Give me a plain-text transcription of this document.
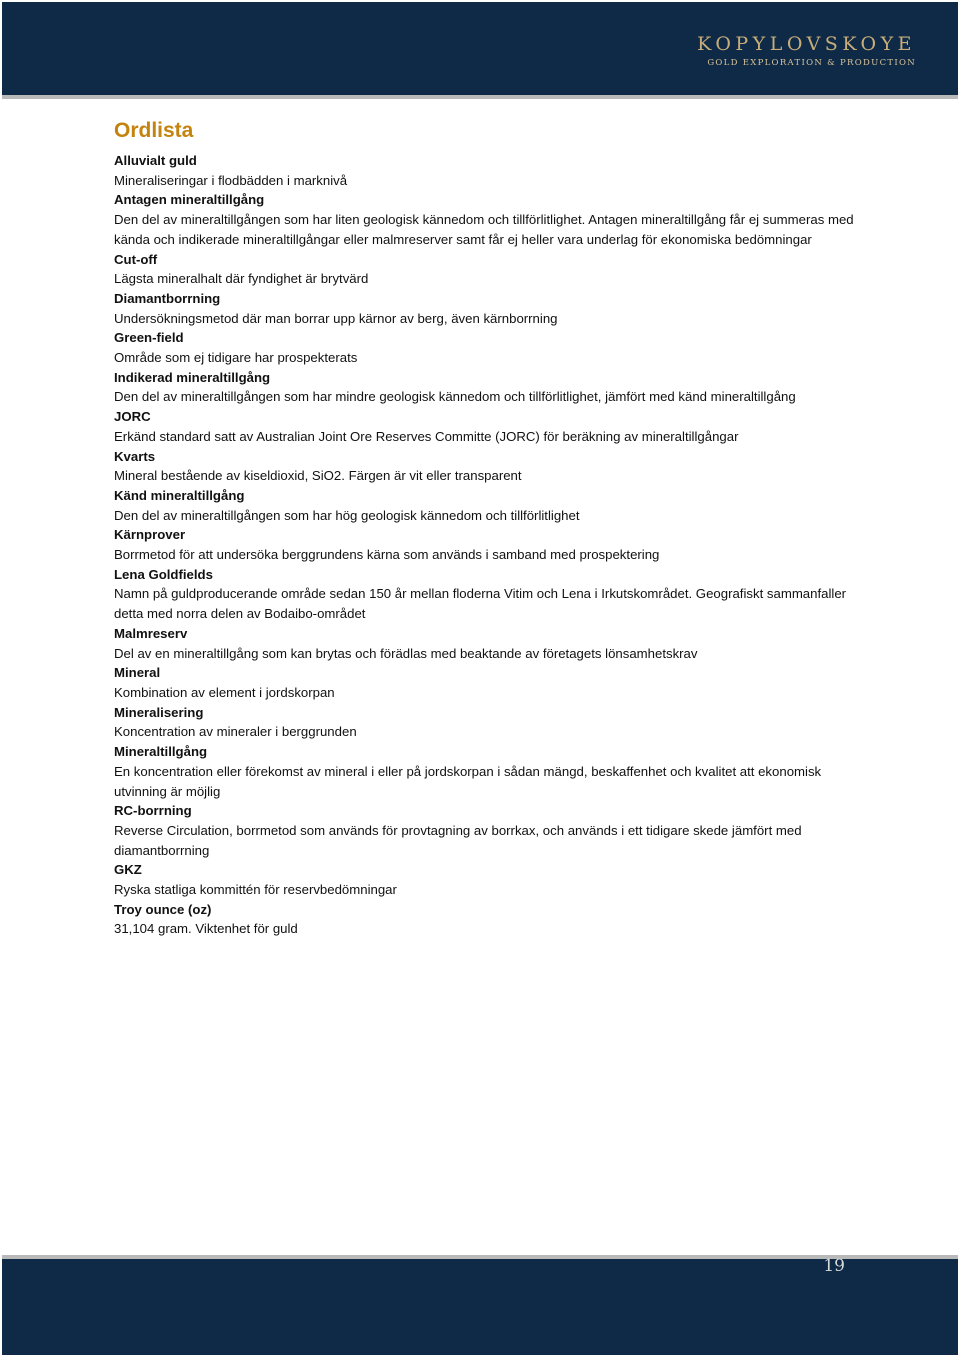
KOPYLOVSKOYE
GOLD EXPLORATION & PRODUCTION
Ordlista
Alluvialt guld
Mineraliseringar i flodbädden i marknivå
Antagen mineraltillgång
Den del av mineraltillgången som har liten geologisk kännedom och tillförlitlighet. Antagen mineraltillgång får ej summeras med kända och indikerade mineraltillgångar eller malmreserver samt får ej heller vara underlag för ekonomiska bedömningar
Cut-off
Lägsta mineralhalt där fyndighet är brytvärd
Diamantborrning
Undersökningsmetod där man borrar upp kärnor av berg, även kärnborrning
Green-field
Område som ej tidigare har prospekterats
Indikerad mineraltillgång
Den del av mineraltillgången som har mindre geologisk kännedom och tillförlitlighet, jämfört med känd mineraltillgång
JORC
Erkänd standard satt av Australian Joint Ore Reserves Committe (JORC) för beräkning av mineraltillgångar
Kvarts
Mineral bestående av kiseldioxid, SiO2. Färgen är vit eller transparent
Känd mineraltillgång
Den del av mineraltillgången som har hög geologisk kännedom och tillförlitlighet
Kärnprover
Borrmetod för att undersöka berggrundens kärna som används i samband med prospektering
Lena Goldfields
Namn på guldproducerande område sedan 150 år mellan floderna Vitim och Lena i Irkutskområdet. Geografiskt sammanfaller detta med norra delen av Bodaibo-området
Malmreserv
Del av en mineraltillgång som kan brytas och förädlas med beaktande av företagets lönsamhetskrav
Mineral
Kombination av element i jordskorpan
Mineralisering
Koncentration av mineraler i berggrunden
Mineraltillgång
En koncentration eller förekomst av mineral i eller på jordskorpan i sådan mängd, beskaffenhet och kvalitet att ekonomisk utvinning är möjlig
RC-borrning
Reverse Circulation, borrmetod som används för provtagning av borrkax, och används i ett tidigare skede jämfört med diamantborrning
GKZ
Ryska statliga kommittén för reservbedömningar
Troy ounce (oz)
31,104 gram. Viktenhet för guld
19
